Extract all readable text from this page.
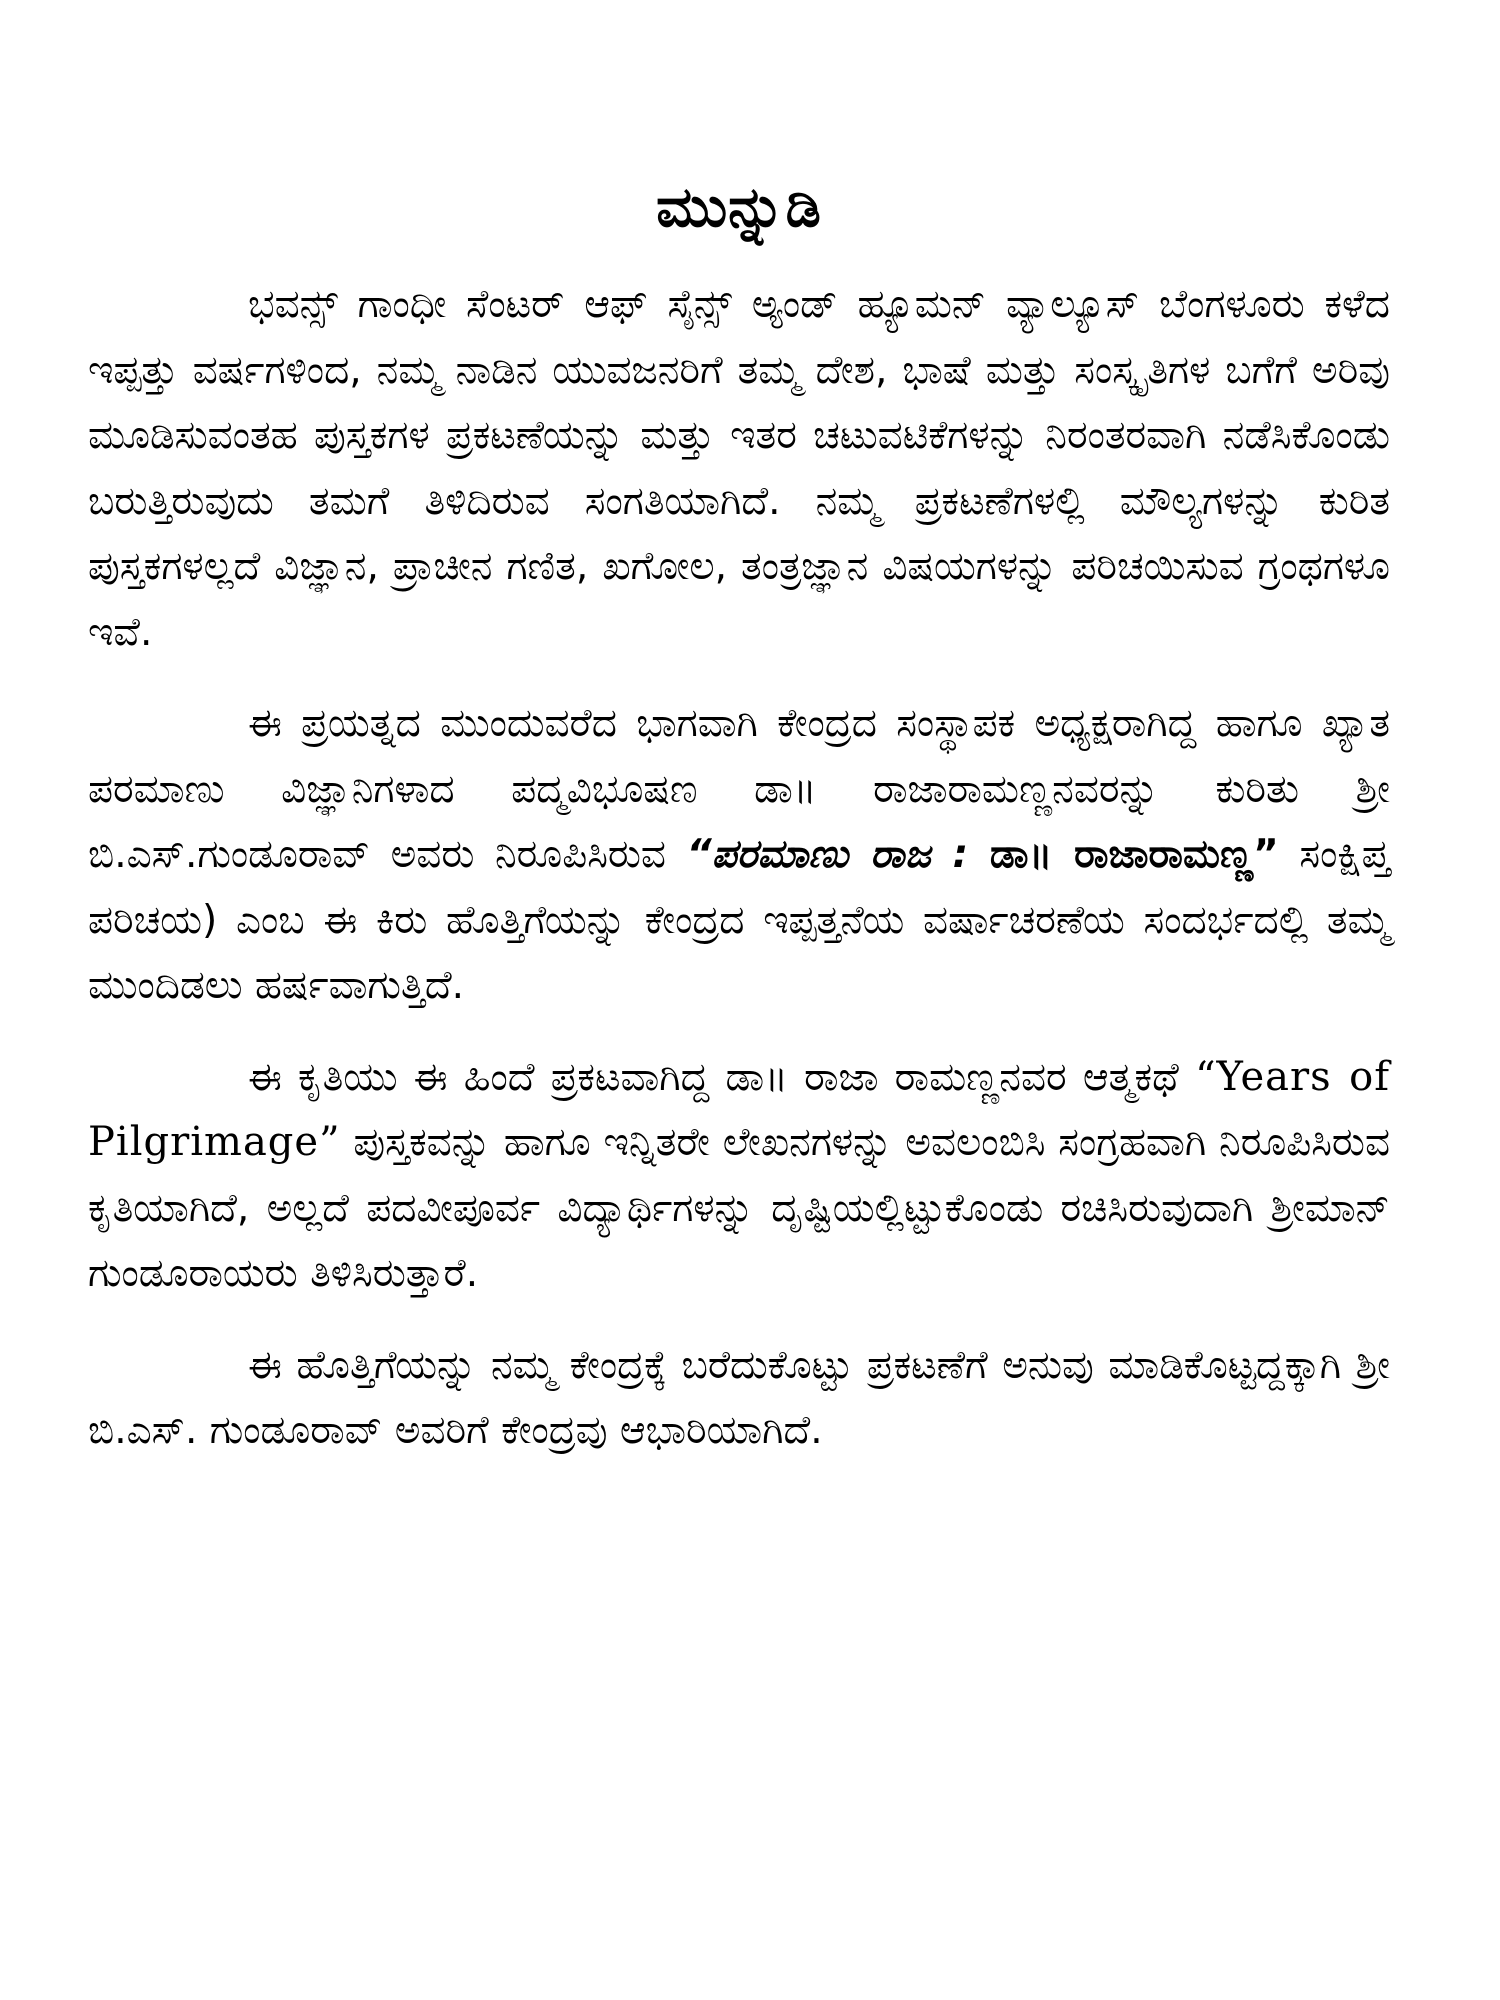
ಮುನ್ನುಡಿ

ಭವನ್ಸ್ ಗಾಂಧೀ ಸೆಂಟರ್ ಆಫ್ ಸೈನ್ಸ್ ಅ್ಯಂಡ್ ಹ್ಯೂಮನ್ ವ್ಯಾಲ್ಯೂಸ್ ಬೆಂಗಳೂರು ಕಳೆದ ಇಪ್ಪತ್ತು ವರ್ಷಗಳಿಂದ, ನಮ್ಮ ನಾಡಿನ ಯುವಜನರಿಗೆ ತಮ್ಮ ದೇಶ, ಭಾಷೆ ಮತ್ತು ಸಂಸ್ಕೃತಿಗಳ ಬಗೆಗೆ ಅರಿವು ಮೂಡಿಸುವಂತಹ ಪುಸ್ತಕಗಳ ಪ್ರಕಟಣೆಯನ್ನು ಮತ್ತು ಇತರ ಚಟುವಟಿಕೆಗಳನ್ನು ನಿರಂತರವಾಗಿ ನಡೆಸಿಕೊಂಡು ಬರುತ್ತಿರುವುದು ತಮಗೆ ತಿಳಿದಿರುವ ಸಂಗತಿಯಾಗಿದೆ. ನಮ್ಮ ಪ್ರಕಟಣೆಗಳಲ್ಲಿ ಮೌಲ್ಯಗಳನ್ನು ಕುರಿತ ಪುಸ್ತಕಗಳಲ್ಲದೆ ವಿಜ್ಞಾನ, ಪ್ರಾಚೀನ ಗಣಿತ, ಖಗೋಲ, ತಂತ್ರಜ್ಞಾನ ವಿಷಯಗಳನ್ನು ಪರಿಚಯಿಸುವ ಗ್ರಂಥಗಳೂ ಇವೆ.

ಈ ಪ್ರಯತ್ನದ ಮುಂದುವರೆದ ಭಾಗವಾಗಿ ಕೇಂದ್ರದ ಸಂಸ್ಥಾಪಕ ಅಧ್ಯಕ್ಷರಾಗಿದ್ದ ಹಾಗೂ ಖ್ಯಾತ ಪರಮಾಣು ವಿಜ್ಞಾನಿಗಳಾದ ಪದ್ಮವಿಭೂಷಣ ಡಾ॥ ರಾಜಾರಾಮಣ್ಣನವರನ್ನು ಕುರಿತು ಶ್ರೀ ಬಿ.ಎಸ್.ಗುಂಡೂರಾವ್ ಅವರು ನಿರೂಪಿಸಿರುವ “ಪರಮಾಣು ರಾಜ : ಡಾ॥ ರಾಜಾರಾಮಣ್ಣ” ಸಂಕ್ಷಿಪ್ತ ಪರಿಚಯ) ಎಂಬ ಈ ಕಿರು ಹೊತ್ತಿಗೆಯನ್ನು ಕೇಂದ್ರದ ಇಪ್ಪತ್ತನೆಯ ವರ್ಷಾಚರಣೆಯ ಸಂದರ್ಭದಲ್ಲಿ ತಮ್ಮ ಮುಂದಿಡಲು ಹರ್ಷವಾಗುತ್ತಿದೆ.

ಈ ಕೃತಿಯು ಈ ಹಿಂದೆ ಪ್ರಕಟವಾಗಿದ್ದ ಡಾ॥ ರಾಜಾ ರಾಮಣ್ಣನವರ ಆತ್ಮಕಥೆ “Years of Pilgrimage” ಪುಸ್ತಕವನ್ನು ಹಾಗೂ ಇನ್ನಿತರೇ ಲೇಖನಗಳನ್ನು ಅವಲಂಬಿಸಿ ಸಂಗ್ರಹವಾಗಿ ನಿರೂಪಿಸಿರುವ ಕೃತಿಯಾಗಿದೆ, ಅಲ್ಲದೆ ಪದವೀಪೂರ್ವ ವಿದ್ಯಾರ್ಥಿಗಳನ್ನು ದೃಷ್ಟಿಯಲ್ಲಿಟ್ಟುಕೊಂಡು ರಚಿಸಿರುವುದಾಗಿ ಶ್ರೀಮಾನ್ ಗುಂಡೂರಾಯರು ತಿಳಿಸಿರುತ್ತಾರೆ.

ಈ ಹೊತ್ತಿಗೆಯನ್ನು ನಮ್ಮ ಕೇಂದ್ರಕ್ಕೆ ಬರೆದುಕೊಟ್ಟು ಪ್ರಕಟಣೆಗೆ ಅನುವು ಮಾಡಿಕೊಟ್ಟದ್ದಕ್ಕಾಗಿ ಶ್ರೀ ಬಿ.ಎಸ್. ಗುಂಡೂರಾವ್ ಅವರಿಗೆ ಕೇಂದ್ರವು ಆಭಾರಿಯಾಗಿದೆ.
